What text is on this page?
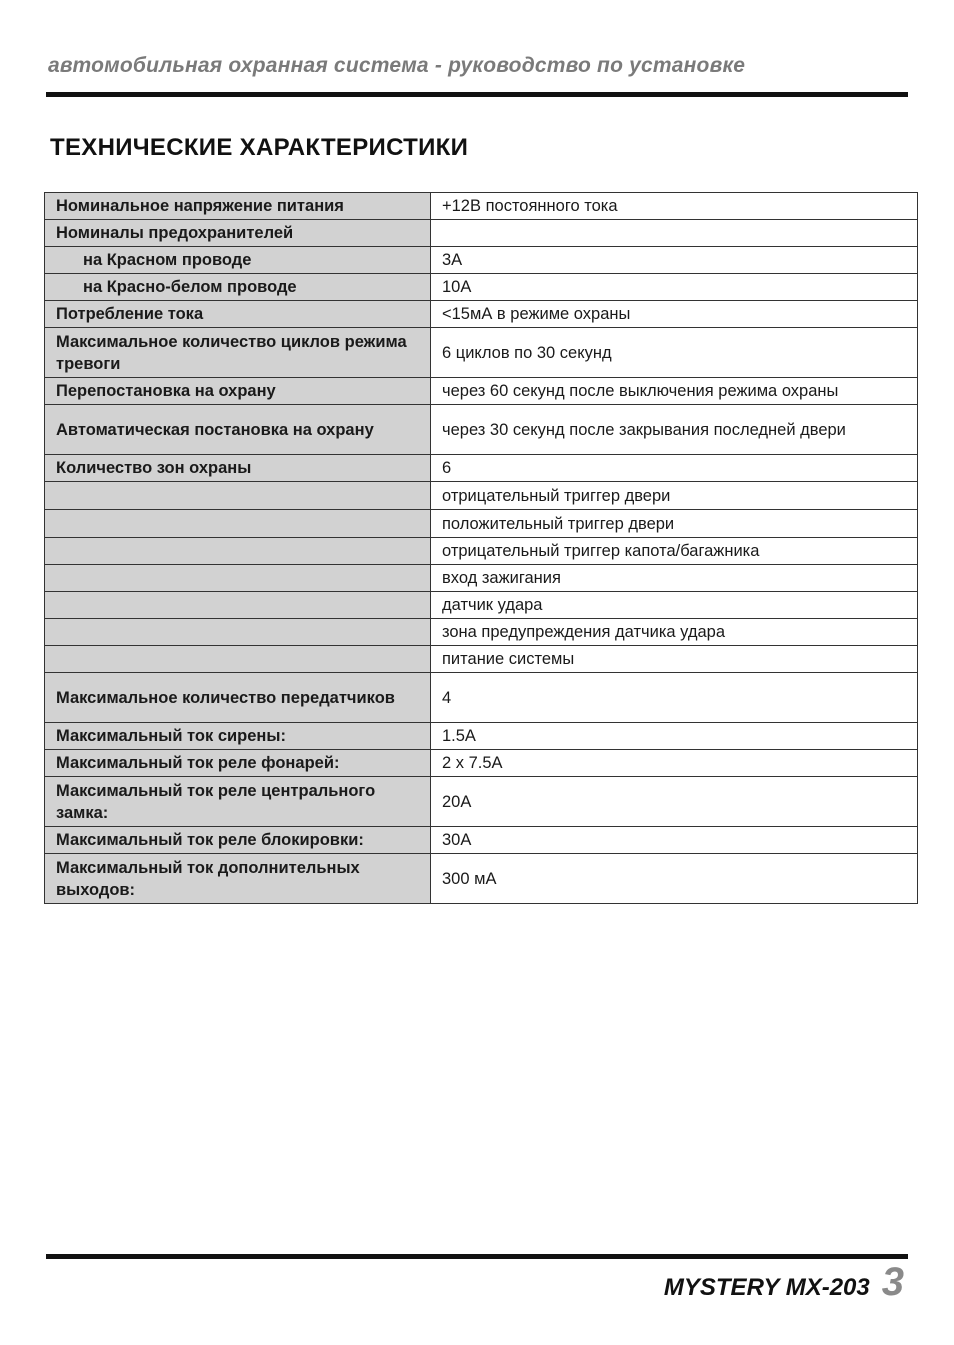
автомобильная охранная система - руководство по установке
ТЕХНИЧЕСКИЕ ХАРАКТЕРИСТИКИ
Номинальное напряжение питания	+12В постоянного тока
Номиналы предохранителей	
на Красном проводе	3А
на Красно-белом проводе	10А
Потребление тока	<15мА в режиме охраны
Максимальное количество циклов режима тревоги	6 циклов по 30 секунд
Перепостановка на охрану	через 60 секунд после выключения режима охраны
Автоматическая постановка на охрану	через 30 секунд после закрывания последней двери
Количество зон охраны	6
	отрицательный триггер двери
	положительный триггер двери
	отрицательный триггер капота/багажника
	вход зажигания
	датчик удара
	зона предупреждения датчика удара
	питание системы
Максимальное количество передатчиков	4
Максимальный ток сирены:	1.5А
Максимальный ток реле фонарей:	2 х 7.5А
Максимальный ток реле центрального замка:	20А
Максимальный ток реле блокировки:	30А
Максимальный ток дополнительных выходов:	300 мА
MYSTERY MX-203 3
